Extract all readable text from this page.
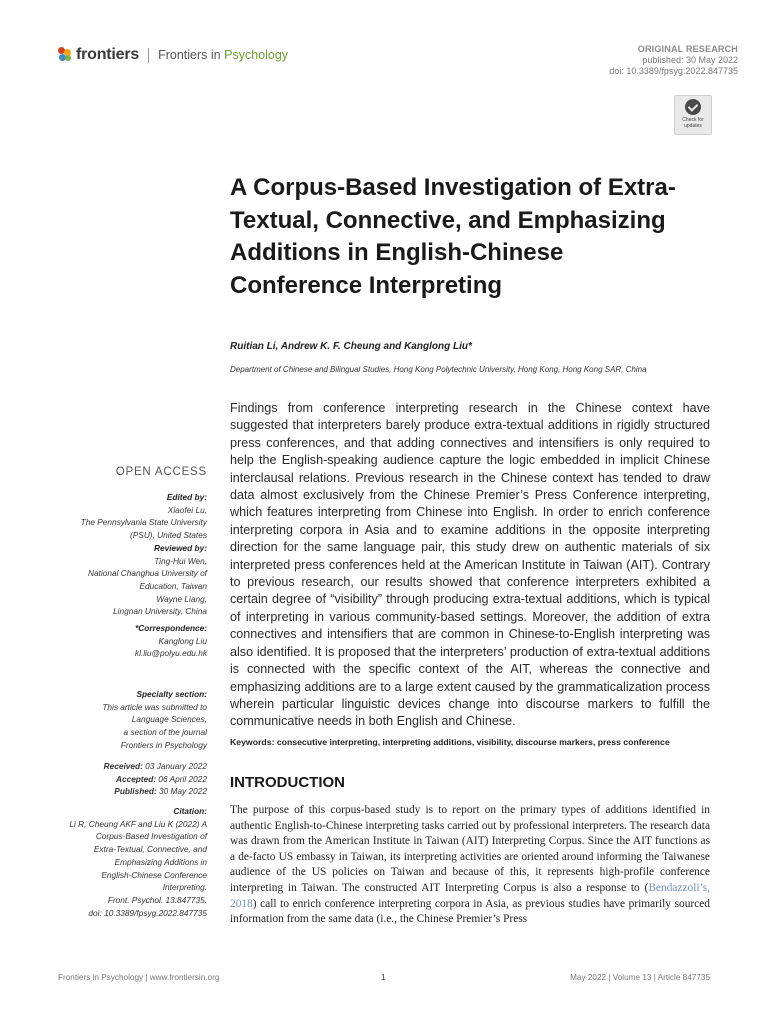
frontiers Frontiers in Psychology	ORIGINAL RESEARCH
published: 30 May 2022
doi: 10.3389/fpsyg.2022.847735
Check for updates
A Corpus-Based Investigation of Extra-Textual, Connective, and Emphasizing Additions in English-Chinese Conference Interpreting
Ruitian Li, Andrew K. F. Cheung and Kanglong Liu*
Department of Chinese and Bilingual Studies, Hong Kong Polytechnic University, Hong Kong, Hong Kong SAR, China
Findings from conference interpreting research in the Chinese context have suggested that interpreters barely produce extra-textual additions in rigidly structured press conferences, and that adding connectives and intensifiers is only required to help the English-speaking audience capture the logic embedded in implicit Chinese interclausal relations. Previous research in the Chinese context has tended to draw data almost exclusively from the Chinese Premier’s Press Conference interpreting, which features interpreting from Chinese into English. In order to enrich conference interpreting corpora in Asia and to examine additions in the opposite interpreting direction for the same language pair, this study drew on authentic materials of six interpreted press conferences held at the American Institute in Taiwan (AIT). Contrary to previous research, our results showed that conference interpreters exhibited a certain degree of “visibility” through producing extra-textual additions, which is typical of interpreting in various community-based settings. Moreover, the addition of extra connectives and intensifiers that are common in Chinese-to-English interpreting was also identified. It is proposed that the interpreters’ production of extra-textual additions is connected with the specific context of the AIT, whereas the connective and emphasizing additions are to a large extent caused by the grammaticalization process wherein particular linguistic devices change into discourse markers to fulfill the communicative needs in both English and Chinese.
Keywords: consecutive interpreting, interpreting additions, visibility, discourse markers, press conference
INTRODUCTION
The purpose of this corpus-based study is to report on the primary types of additions identified in authentic English-to-Chinese interpreting tasks carried out by professional interpreters. The research data was drawn from the American Institute in Taiwan (AIT) Interpreting Corpus. Since the AIT functions as a de-facto US embassy in Taiwan, its interpreting activities are oriented around informing the Taiwanese audience of the US policies on Taiwan and because of this, it represents high-profile conference interpreting in Taiwan. The constructed AIT Interpreting Corpus is also a response to (Bendazzoli’s, 2018) call to enrich conference interpreting corpora in Asia, as previous studies have primarily sourced information from the same data (i.e., the Chinese Premier’s Press
OPEN ACCESS
Edited by:
Xiaofei Lu,
The Pennsylvania State University
(PSU), United States
Reviewed by:
Ting-Hui Wen,
National Changhua University of
Education, Taiwan
Wayne Liang,
Lingnan University, China
*Correspondence:
Kanglong Liu
kl.liu@polyu.edu.hk
Specialty section:
This article was submitted to
Language Sciences,
a section of the journal
Frontiers in Psychology
Received: 03 January 2022
Accepted: 06 April 2022
Published: 30 May 2022
Citation:
Li R, Cheung AKF and Liu K (2022) A
Corpus-Based Investigation of
Extra-Textual, Connective, and
Emphasizing Additions in
English-Chinese Conference
Interpreting.
Front. Psychol. 13:847735.
doi: 10.3389/fpsyg.2022.847735
Frontiers in Psychology | www.frontiersin.org	1	May 2022 | Volume 13 | Article 847735
